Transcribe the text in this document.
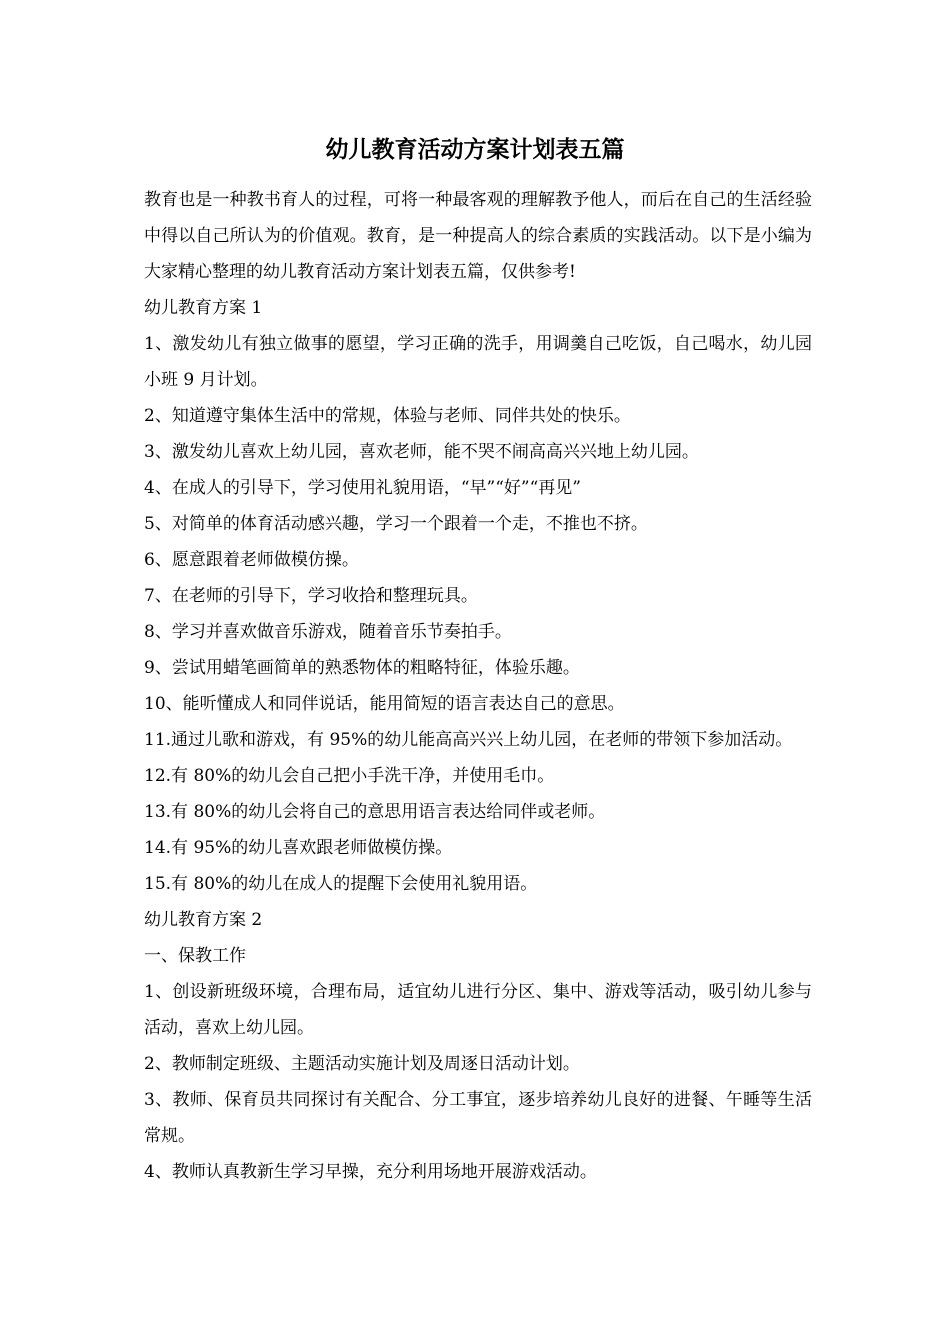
幼儿教育活动方案计划表五篇

教育也是一种教书育人的过程，可将一种最客观的理解教予他人，而后在自己的生活经验中得以自己所认为的价值观。教育，是一种提高人的综合素质的实践活动。以下是小编为大家精心整理的幼儿教育活动方案计划表五篇，仅供参考!

幼儿教育方案 1

1、激发幼儿有独立做事的愿望，学习正确的洗手，用调羹自己吃饭，自己喝水，幼儿园小班 9 月计划。

2、知道遵守集体生活中的常规，体验与老师、同伴共处的快乐。

3、激发幼儿喜欢上幼儿园，喜欢老师，能不哭不闹高高兴兴地上幼儿园。

4、在成人的引导下，学习使用礼貌用语，“早”“好”“再见”

5、对简单的体育活动感兴趣，学习一个跟着一个走，不推也不挤。

6、愿意跟着老师做模仿操。

7、在老师的引导下，学习收拾和整理玩具。

8、学习并喜欢做音乐游戏，随着音乐节奏拍手。

9、尝试用蜡笔画简单的熟悉物体的粗略特征，体验乐趣。

10、能听懂成人和同伴说话，能用简短的语言表达自己的意思。

11.通过儿歌和游戏，有 95%的幼儿能高高兴兴上幼儿园，在老师的带领下参加活动。

12.有 80%的幼儿会自己把小手洗干净，并使用毛巾。

13.有 80%的幼儿会将自己的意思用语言表达给同伴或老师。

14.有 95%的幼儿喜欢跟老师做模仿操。

15.有 80%的幼儿在成人的提醒下会使用礼貌用语。

幼儿教育方案 2

一、保教工作

1、创设新班级环境，合理布局，适宜幼儿进行分区、集中、游戏等活动，吸引幼儿参与活动，喜欢上幼儿园。

2、教师制定班级、主题活动实施计划及周逐日活动计划。

3、教师、保育员共同探讨有关配合、分工事宜，逐步培养幼儿良好的进餐、午睡等生活常规。

4、教师认真教新生学习早操，充分利用场地开展游戏活动。
